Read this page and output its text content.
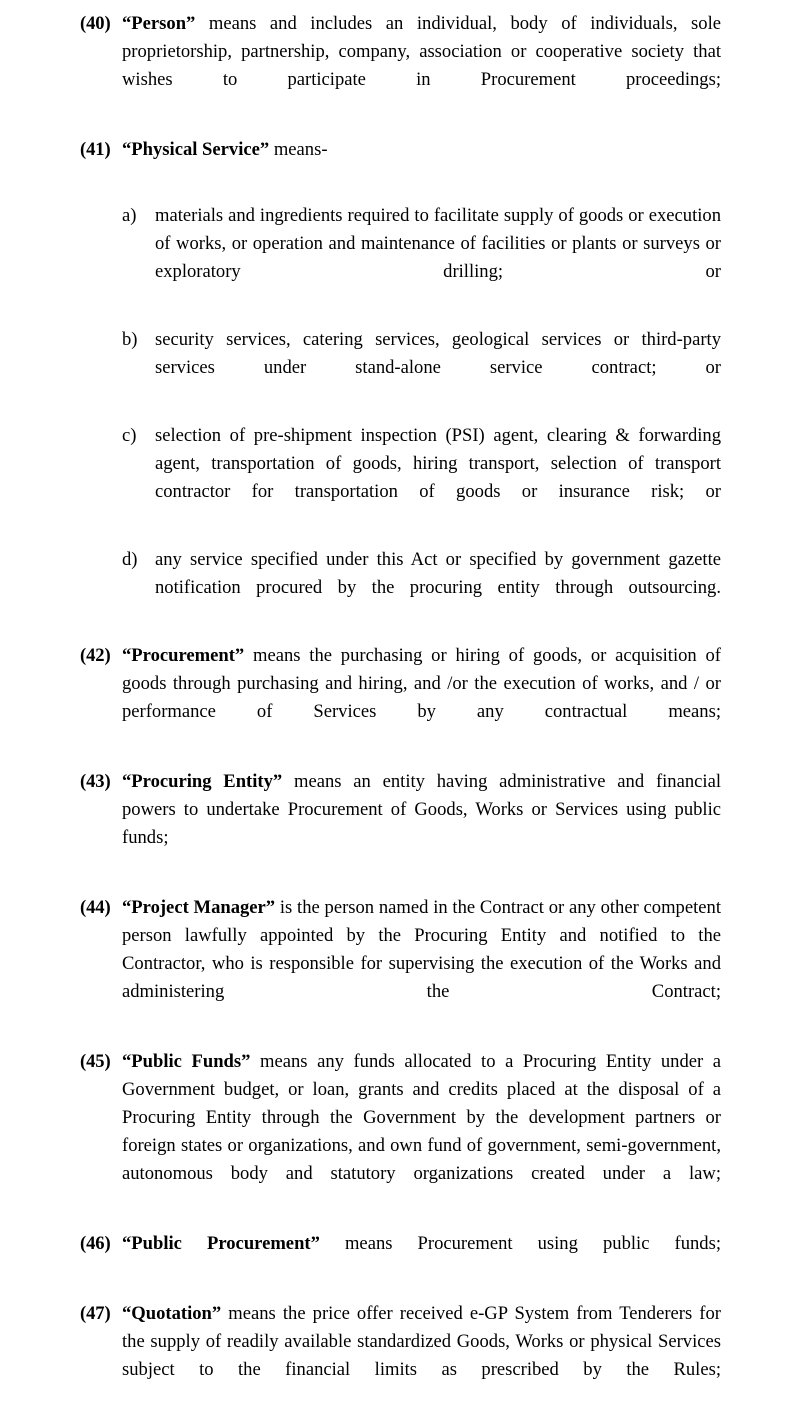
(40) “Person” means and includes an individual, body of individuals, sole proprietorship, partnership, company, association or cooperative society that wishes to participate in Procurement proceedings;

(41) “Physical Service” means-

a) materials and ingredients required to facilitate supply of goods or execution of works, or operation and maintenance of facilities or plants or surveys or exploratory drilling; or

b) security services, catering services, geological services or third-party services under stand-alone service contract; or

c) selection of pre-shipment inspection (PSI) agent, clearing & forwarding agent, transportation of goods, hiring transport, selection of transport contractor for transportation of goods or insurance risk; or

d) any service specified under this Act or specified by government gazette notification procured by the procuring entity through outsourcing.

(42) “Procurement” means the purchasing or hiring of goods, or acquisition of goods through purchasing and hiring, and /or the execution of works, and / or performance of Services by any contractual means;

(43) “Procuring Entity” means an entity having administrative and financial powers to undertake Procurement of Goods, Works or Services using public funds;

(44) “Project Manager” is the person named in the Contract or any other competent person lawfully appointed by the Procuring Entity and notified to the Contractor, who is responsible for supervising the execution of the Works and administering the Contract;

(45) “Public Funds” means any funds allocated to a Procuring Entity under a Government budget, or loan, grants and credits placed at the disposal of a Procuring Entity through the Government by the development partners or foreign states or organizations, and own fund of government, semi-government, autonomous body and statutory organizations created under a law;

(46) “Public Procurement” means Procurement using public funds;

(47) “Quotation” means the price offer received e-GP System from Tenderers for the supply of readily available standardized Goods, Works or physical Services subject to the financial limits as prescribed by the Rules;
